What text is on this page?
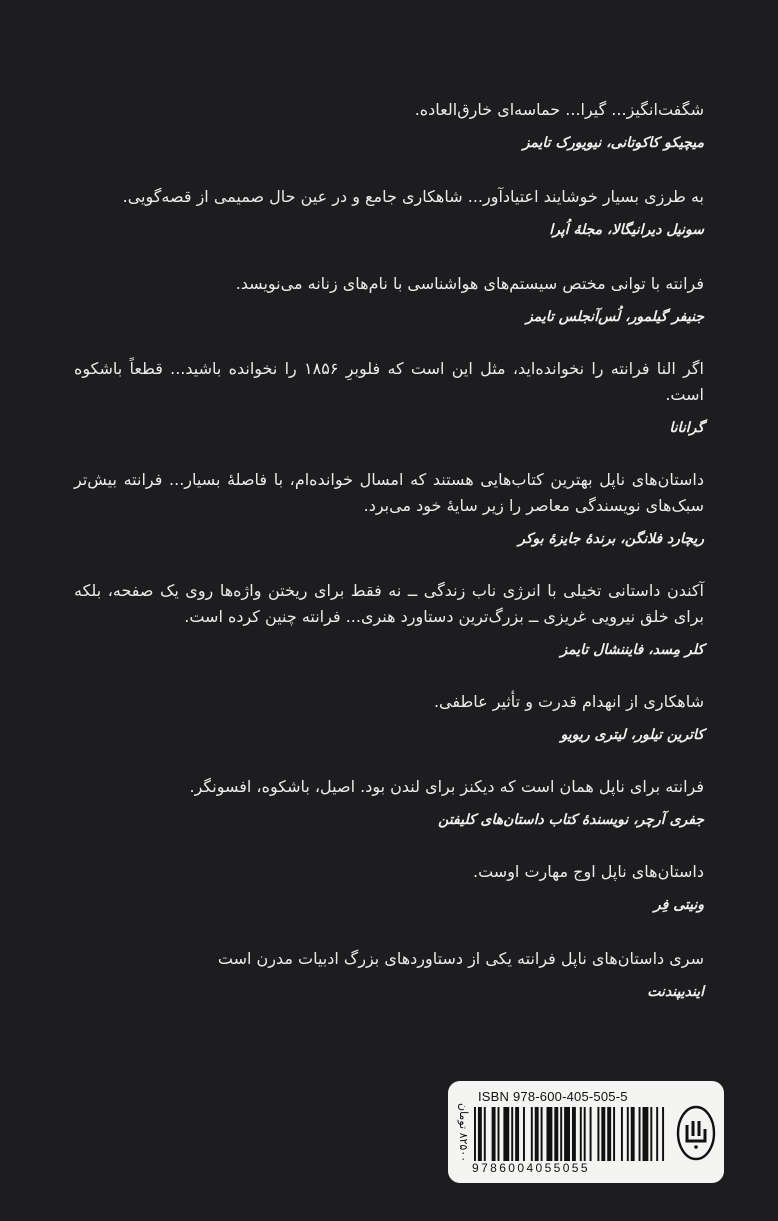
شگفت‌انگیز... گیرا... حماسه‌ای خارق‌العاده.
میچیکو کاکوتانی، نیویورک تایمز
به طرزی بسیار خوشایند اعتیادآور... شاهکاری جامع و در عین حال صمیمی از قصه‌گویی.
سونیل دیرانیگالا، مجلهٔ اُپرا
فرانته با توانی مختص سیستم‌های هواشناسی با نام‌های زنانه می‌نویسد.
جنیفر گیلمور، لُس‌آنجلس تایمز
اگر النا فرانته را نخوانده‌اید، مثل این است که فلوبرِ ۱۸۵۶ را نخوانده باشید... قطعاً باشکوه است.
گرانانا
داستان‌های ناپل بهترین کتاب‌هایی هستند که امسال خوانده‌ام، با فاصلهٔ بسیار... فرانته بیش‌تر سبک‌های نویسندگی معاصر را زیر سایهٔ خود می‌برد.
ریچارد فلانگن، برندهٔ جایزهٔ بوکر
آکندن داستانی تخیلی با انرژی ناب زندگی ــ نه فقط برای ریختن واژه‌ها روی یک صفحه، بلکه برای خلق نیرویی غریزی ــ بزرگ‌ترین دستاورد هنری... فرانته چنین کرده است.
کلر مِسد، فایننشال تایمز
شاهکاری از انهدام قدرت و تأثیر عاطفی.
کاترین تیلور، لیتری ریویو
فرانته برای ناپل همان است که دیکنز برای لندن بود. اصیل، باشکوه، افسونگر.
جفری آرچر، نویسندهٔ کتاب داستان‌های کلیفتن
داستان‌های ناپل اوج مهارت اوست.
ونیتی فِر
سری داستان‌های ناپل فرانته یکی از دستاوردهای بزرگ ادبیات مدرن است
ایندیپندنت
ISBN 978-600-405-505-5
9786004055055
۸۲۵۰۰ تومان
